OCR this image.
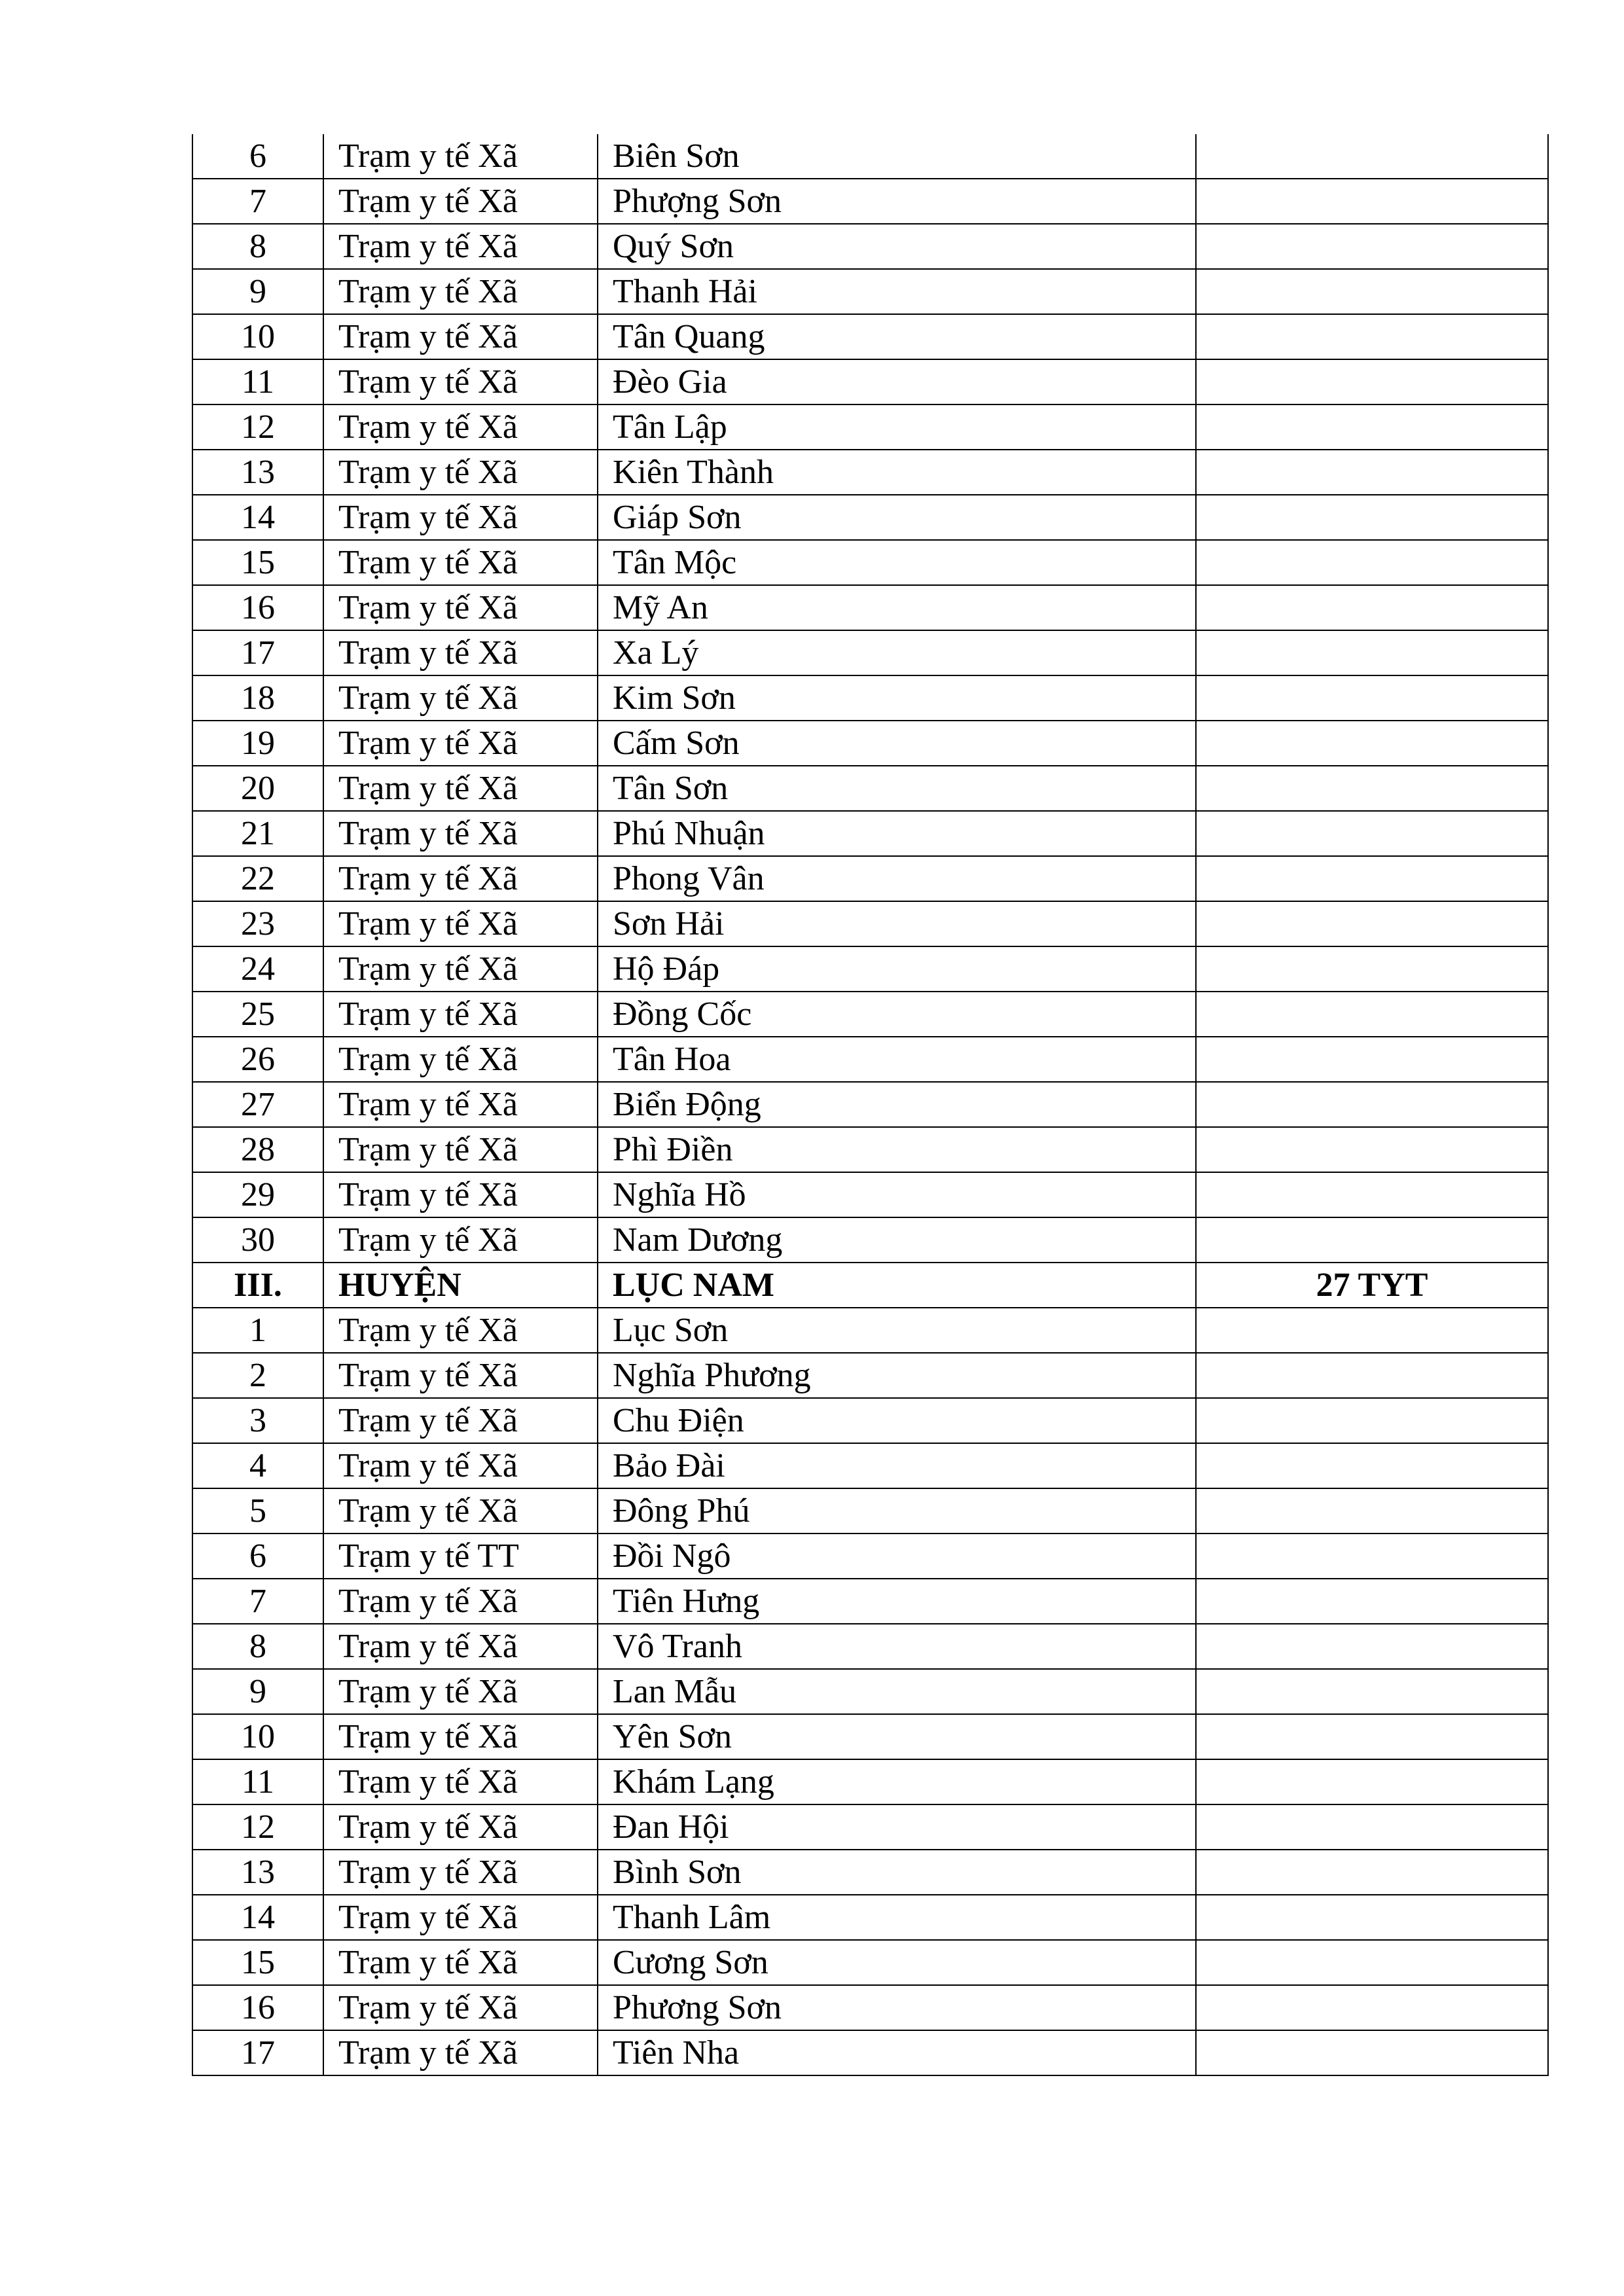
6	Trạm y tế Xã	Biên Sơn	
7	Trạm y tế Xã	Phượng Sơn	
8	Trạm y tế Xã	Quý Sơn	
9	Trạm y tế Xã	Thanh Hải	
10	Trạm y tế Xã	Tân Quang	
11	Trạm y tế Xã	Đèo Gia	
12	Trạm y tế Xã	Tân Lập	
13	Trạm y tế Xã	Kiên Thành	
14	Trạm y tế Xã	Giáp Sơn	
15	Trạm y tế Xã	Tân Mộc	
16	Trạm y tế Xã	Mỹ An	
17	Trạm y tế Xã	Xa Lý	
18	Trạm y tế Xã	Kim Sơn	
19	Trạm y tế Xã	Cấm Sơn	
20	Trạm y tế Xã	Tân Sơn	
21	Trạm y tế Xã	Phú Nhuận	
22	Trạm y tế Xã	Phong Vân	
23	Trạm y tế Xã	Sơn Hải	
24	Trạm y tế Xã	Hộ Đáp	
25	Trạm y tế Xã	Đồng Cốc	
26	Trạm y tế Xã	Tân Hoa	
27	Trạm y tế Xã	Biển Động	
28	Trạm y tế Xã	Phì Điền	
29	Trạm y tế Xã	Nghĩa Hồ	
30	Trạm y tế Xã	Nam Dương	
III.	HUYỆN	LỤC NAM	27 TYT
1	Trạm y tế Xã	Lục Sơn	
2	Trạm y tế Xã	Nghĩa Phương	
3	Trạm y tế Xã	Chu Điện	
4	Trạm y tế Xã	Bảo Đài	
5	Trạm y tế Xã	Đông Phú	
6	Trạm y tế TT	Đồi Ngô	
7	Trạm y tế Xã	Tiên Hưng	
8	Trạm y tế Xã	Vô Tranh	
9	Trạm y tế Xã	Lan Mẫu	
10	Trạm y tế Xã	Yên Sơn	
11	Trạm y tế Xã	Khám Lạng	
12	Trạm y tế Xã	Đan Hội	
13	Trạm y tế Xã	Bình Sơn	
14	Trạm y tế Xã	Thanh Lâm	
15	Trạm y tế Xã	Cương Sơn	
16	Trạm y tế Xã	Phương Sơn	
17	Trạm y tế Xã	Tiên Nha	
